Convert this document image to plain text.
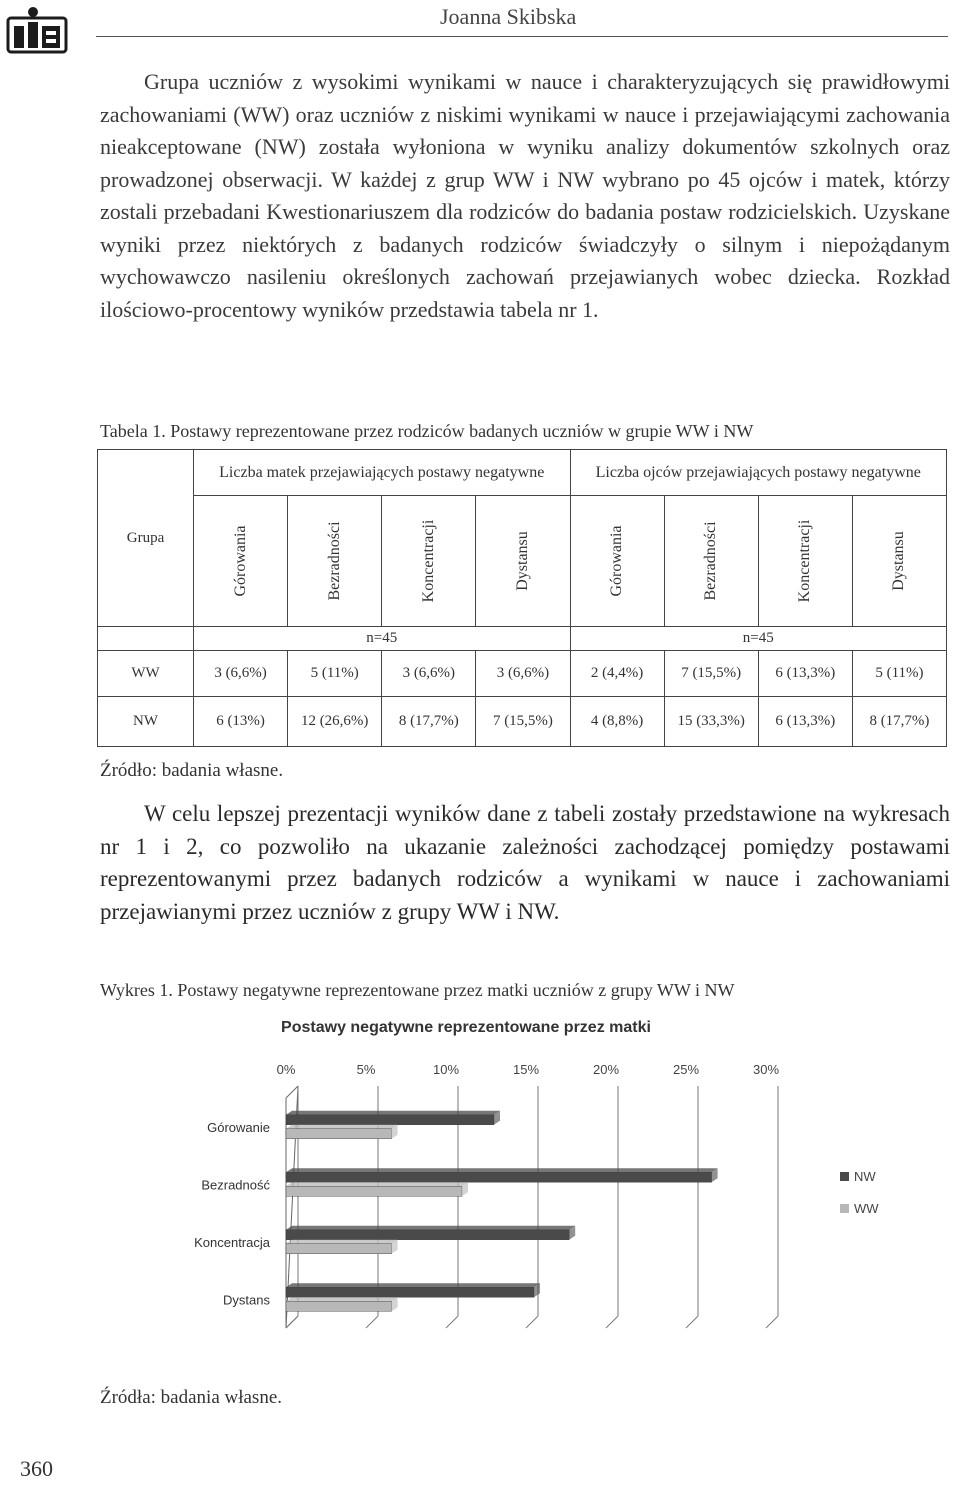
Joanna Skibska

Grupa uczniów z wysokimi wynikami w nauce i charakteryzujących się prawidłowymi zachowaniami (WW) oraz uczniów z niskimi wynikami w nauce i przejawiającymi zachowania nieakceptowane (NW) została wyłoniona w wyniku analizy dokumentów szkolnych oraz prowadzonej obserwacji. W każdej z grup WW i NW wybrano po 45 ojców i matek, którzy zostali przebadani Kwestionariuszem dla rodziców do badania postaw rodzicielskich. Uzyskane wyniki przez niektórych z badanych rodziców świadczyły o silnym i niepożądanym wychowawczo nasileniu określonych zachowań przejawianych wobec dziecka. Rozkład ilościowo-procentowy wyników przedstawia tabela nr 1.

Tabela 1. Postawy reprezentowane przez rodziców badanych uczniów w grupie WW i NW
Grupa	Liczba matek przejawiających postawy negatywne				Liczba ojców przejawiających postawy negatywne			

	Górowania	Bezradności	Koncentracji	Dystansu	Górowania	Bezradności	Koncentracji	Dystansu

	n=45				n=45			
WW	3 (6,6%)	5 (11%)	3 (6,6%)	3 (6,6%)	2 (4,4%)	7 (15,5%)	6 (13,3%)	5 (11%)
NW	6 (13%)	12 (26,6%)	8 (17,7%)	7 (15,5%)	4 (8,8%)	15 (33,3%)	6 (13,3%)	8 (17,7%)
Źródło: badania własne.

W celu lepszej prezentacji wyników dane z tabeli zostały przedstawione na wykresach nr 1 i 2, co pozwoliło na ukazanie zależności zachodzącej pomiędzy postawami reprezentowanymi przez badanych rodziców a wynikami w nauce i zachowaniami przejawianymi przez uczniów z grupy WW i NW.

Wykres 1. Postawy negatywne reprezentowane przez matki uczniów z grupy WW i NW
Postawy negatywne reprezentowane przez matki
0%	5%	10%	15%	20%	25%	30%
Górowanie
Bezradność
Koncentracja
Dystans
NW
WW
Źródła: badania własne.
360
